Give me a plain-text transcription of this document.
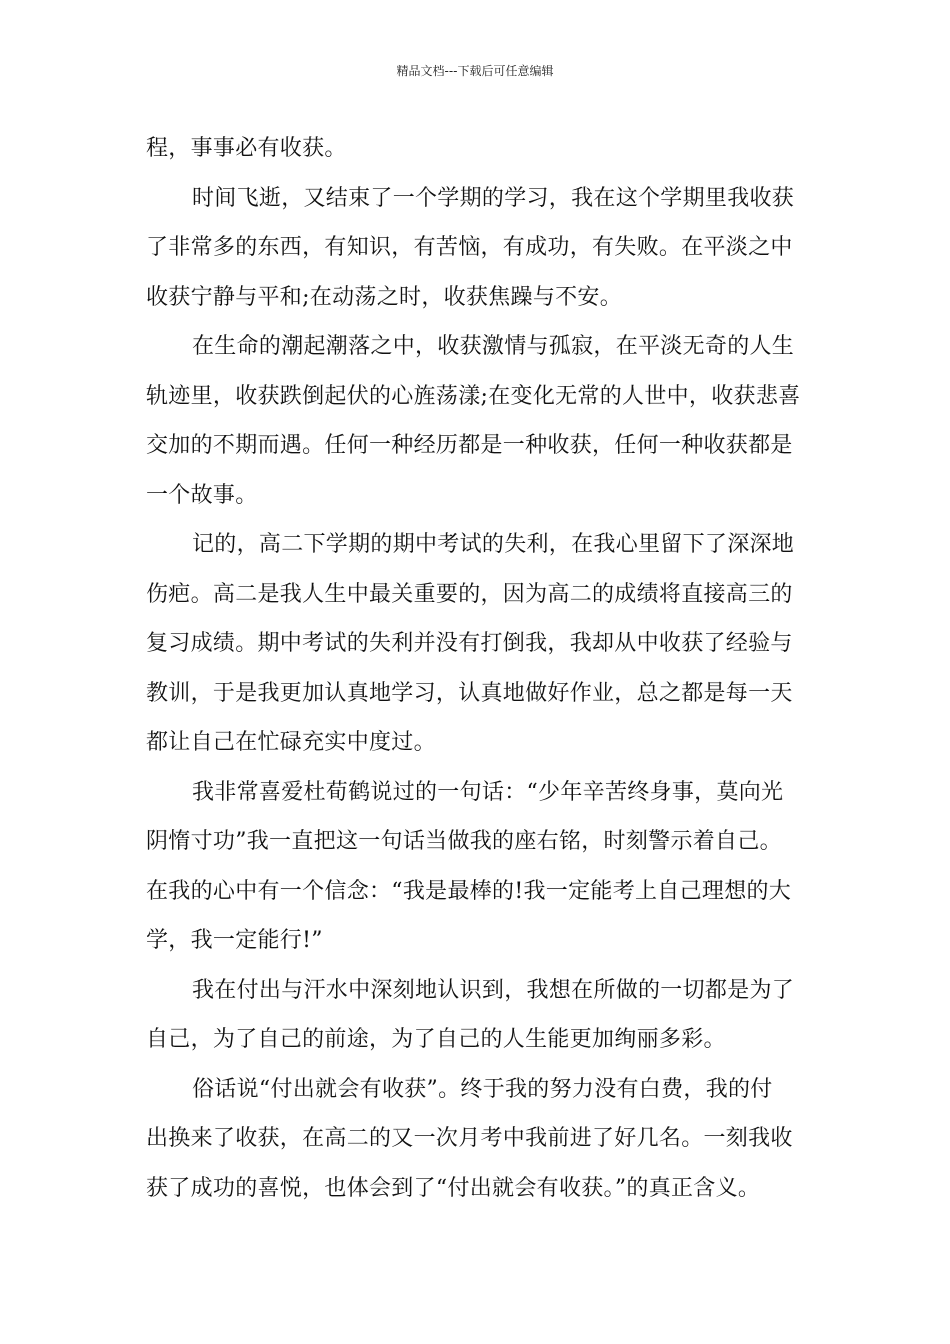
精品文档---下载后可任意编辑
程，事事必有收获。
时间飞逝，又结束了一个学期的学习，我在这个学期里我收获
了非常多的东西，有知识，有苦恼，有成功，有失败。在平淡之中
收获宁静与平和;在动荡之时，收获焦躁与不安。
在生命的潮起潮落之中，收获激情与孤寂，在平淡无奇的人生
轨迹里，收获跌倒起伏的心旌荡漾;在变化无常的人世中，收获悲喜
交加的不期而遇。任何一种经历都是一种收获，任何一种收获都是
一个故事。
记的，高二下学期的期中考试的失利，在我心里留下了深深地
伤疤。高二是我人生中最关重要的，因为高二的成绩将直接高三的
复习成绩。期中考试的失利并没有打倒我，我却从中收获了经验与
教训，于是我更加认真地学习，认真地做好作业，总之都是每一天
都让自己在忙碌充实中度过。
我非常喜爱杜荀鹤说过的一句话：“少年辛苦终身事，莫向光
阴惰寸功”我一直把这一句话当做我的座右铭，时刻警示着自己。
在我的心中有一个信念：“我是最棒的!我一定能考上自己理想的大
学，我一定能行!”
我在付出与汗水中深刻地认识到，我想在所做的一切都是为了
自己，为了自己的前途，为了自己的人生能更加绚丽多彩。
俗话说“付出就会有收获”。终于我的努力没有白费，我的付
出换来了收获，在高二的又一次月考中我前进了好几名。一刻我收
获了成功的喜悦，也体会到了“付出就会有收获。”的真正含义。
